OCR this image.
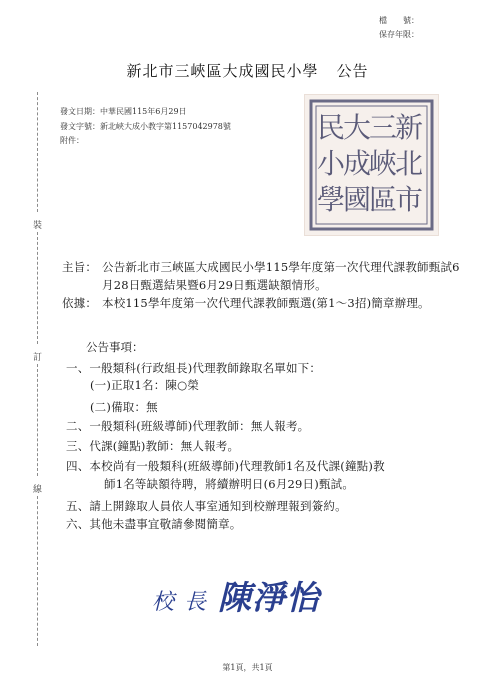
檔　　號：
保存年限：
新北市三峽區大成國民小學 公告
發文日期：中華民國115年6月29日
發文字號：新北峽大成小教字第1157042978號
附件：	新
北
市
三
峽
區
大
成
國
民
小
學
裝
訂
線
主旨： 公告新北市三峽區大成國民小學115學年度第一次代理代課教師甄試6月28日甄選結果暨6月29日甄選缺額情形。
依據： 本校115學年度第一次代理代課教師甄選(第1～3招)簡章辦理。
公告事項：
一、一般類科(行政組長)代理教師錄取名單如下：
(一)正取1名：陳○榮
(二)備取：無
二、一般類科(班級導師)代理教師：無人報考。
三、代課(鐘點)教師：無人報考。
四、本校尚有一般類科(班級導師)代理教師1名及代課(鐘點)教
師1名等缺額待聘，將續辦明日(6月29日)甄試。
五、請上開錄取人員依人事室通知到校辦理報到簽約。
六、其他未盡事宜敬請參閱簡章。
校長陳淨怡
第1頁，共1頁
